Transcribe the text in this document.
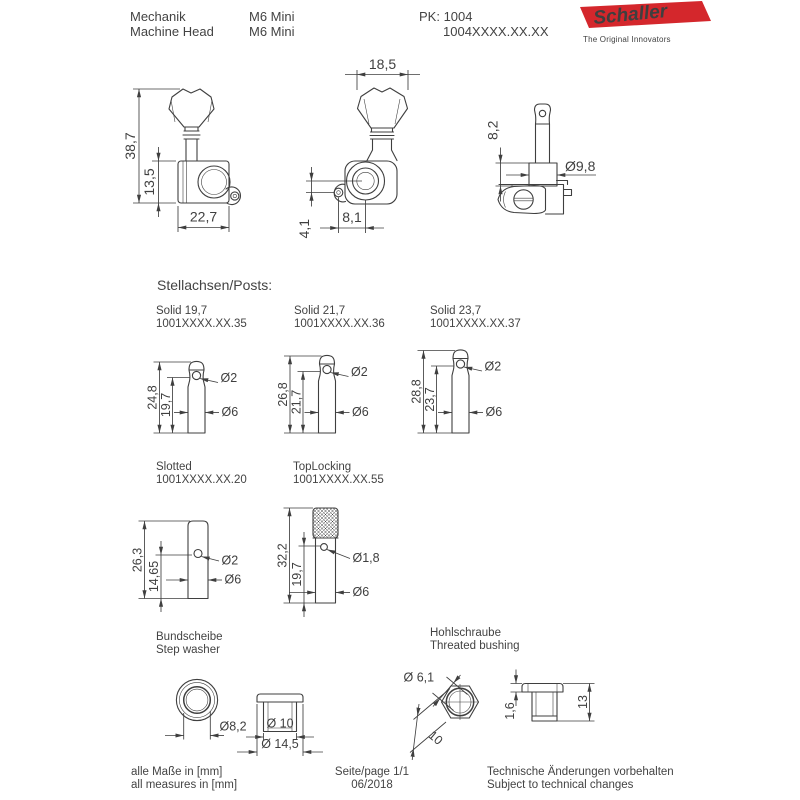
Mechanik
Machine Head
M6 Mini
M6 Mini
PK: 1004
1004XXXX.XX.XX
Stellachsen/Posts:
Solid 19,7
1001XXXX.XX.35
Solid 21,7
1001XXXX.XX.36
Solid 23,7
1001XXXX.XX.37
Slotted
1001XXXX.XX.20
TopLocking
1001XXXX.XX.55
Bundscheibe
Step washer
Hohlschraube
Threated bushing
alle Maße in [mm]
all measures in [mm]
Seite/page 1/1
06/2018
Technische Änderungen vorbehalten
Subject to technical changes
Schaller
The Original Innovators
38,7
13,5
22,7
18,5
4,1
8,1
8,2
Ø9,8
24,8 19,7
Ø2
Ø6
26,8 21,7
Ø2
Ø6
28,8 23,7
Ø2
Ø6
26,3
14,65
Ø2
Ø6
32,2
19,7
Ø1,8
Ø6
Ø8,2 Ø 10
Ø 14,5
Ø 6,1
10
1,6
13
